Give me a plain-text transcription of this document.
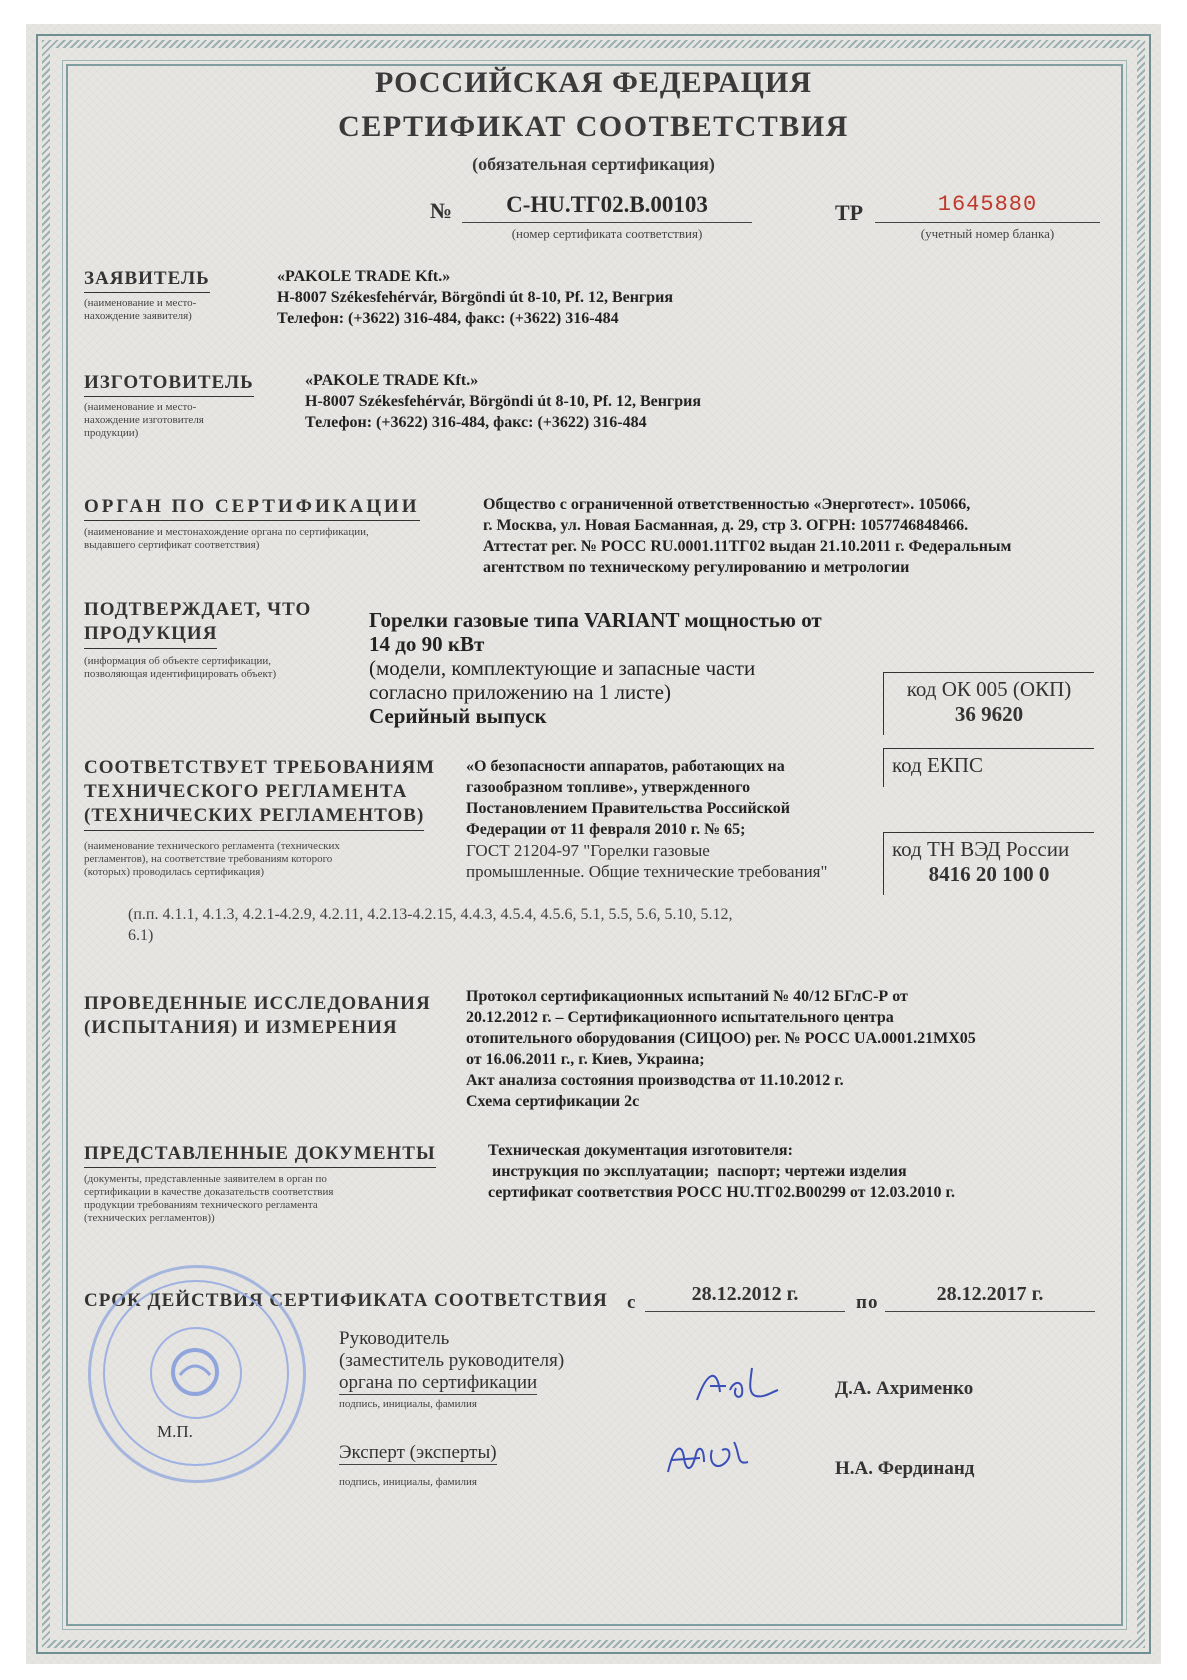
РОССИЙСКАЯ ФЕДЕРАЦИЯ
СЕРТИФИКАТ СООТВЕТСТВИЯ
(обязательная сертификация)
№	C-HU.ТГ02.В.00103
(номер сертификата соответствия)
ТР	1645880
(учетный номер бланка)
ЗАЯВИТЕЛЬ
(наименование и место-
нахождение заявителя)
«PAKOLE TRADE Kft.»
H-8007 Székesfehérvár, Börgöndi út 8-10, Pf. 12, Венгрия
Телефон: (+3622) 316-484, факс: (+3622) 316-484
ИЗГОТОВИТЕЛЬ
(наименование и место-
нахождение изготовителя
продукции)
«PAKOLE TRADE Kft.»
H-8007 Székesfehérvár, Börgöndi út 8-10, Pf. 12, Венгрия
Телефон: (+3622) 316-484, факс: (+3622) 316-484
ОРГАН ПО СЕРТИФИКАЦИИ
(наименование и местонахождение органа по сертификации,
выдавшего сертификат соответствия)
Общество с ограниченной ответственностью «Энерготест». 105066,
г. Москва, ул. Новая Басманная, д. 29, стр 3. ОГРН: 1057746848466.
Аттестат рег. № РОСС RU.0001.11ТГ02 выдан 21.10.2011 г. Федеральным
агентством по техническому регулированию и метрологии
ПОДТВЕРЖДАЕТ, ЧТО
ПРОДУКЦИЯ
(информация об объекте сертификации,
позволяющая идентифицировать объект)
Горелки газовые типа VARIANT мощностью от
14 до 90 кВт
(модели, комплектующие и запасные части
согласно приложению на 1 листе)
Серийный выпуск
код ОК 005 (ОКП)
36 9620
код ЕКПС
код ТН ВЭД России
8416 20 100 0
СООТВЕТСТВУЕТ ТРЕБОВАНИЯМ
ТЕХНИЧЕСКОГО РЕГЛАМЕНТА
(ТЕХНИЧЕСКИХ РЕГЛАМЕНТОВ)
(наименование технического регламента (технических
регламентов), на соответствие требованиям которого
(которых) проводилась сертификация)
«О безопасности аппаратов, работающих на
газообразном топливе», утвержденного
Постановлением Правительства Российской
Федерации от 11 февраля 2010 г. № 65;
ГОСТ 21204-97 "Горелки газовые
промышленные. Общие технические требования"
(п.п. 4.1.1, 4.1.3, 4.2.1-4.2.9, 4.2.11, 4.2.13-4.2.15, 4.4.3, 4.5.4, 4.5.6, 5.1, 5.5, 5.6, 5.10, 5.12,
6.1)
ПРОВЕДЕННЫЕ ИССЛЕДОВАНИЯ
(ИСПЫТАНИЯ) И ИЗМЕРЕНИЯ
Протокол сертификационных испытаний № 40/12 БГлС-Р от
20.12.2012 г. – Сертификационного испытательного центра
отопительного оборудования (СИЦОО) рег. № РОСС UA.0001.21MX05
от 16.06.2011 г., г. Киев, Украина;
Акт анализа состояния производства от 11.10.2012 г.
Схема сертификации 2с
ПРЕДСТАВЛЕННЫЕ ДОКУМЕНТЫ
(документы, представленные заявителем в орган по
сертификации в качестве доказательств соответствия
продукции требованиям технического регламента
(технических регламентов))
Техническая документация изготовителя:
инструкция по эксплуатации;  паспорт; чертежи изделия
сертификат соответствия РОСС HU.ТГ02.В00299 от 12.03.2010 г.
СРОК ДЕЙСТВИЯ СЕРТИФИКАТА СООТВЕТСТВИЯ с	28.12.2012 г.	по	28.12.2017 г.
М.П.
Руководитель
(заместитель руководителя)
органа по сертификации
подпись, инициалы, фамилия
Д.А. Ахрименко
Эксперт (эксперты)
подпись, инициалы, фамилия
Н.А. Фердинанд
